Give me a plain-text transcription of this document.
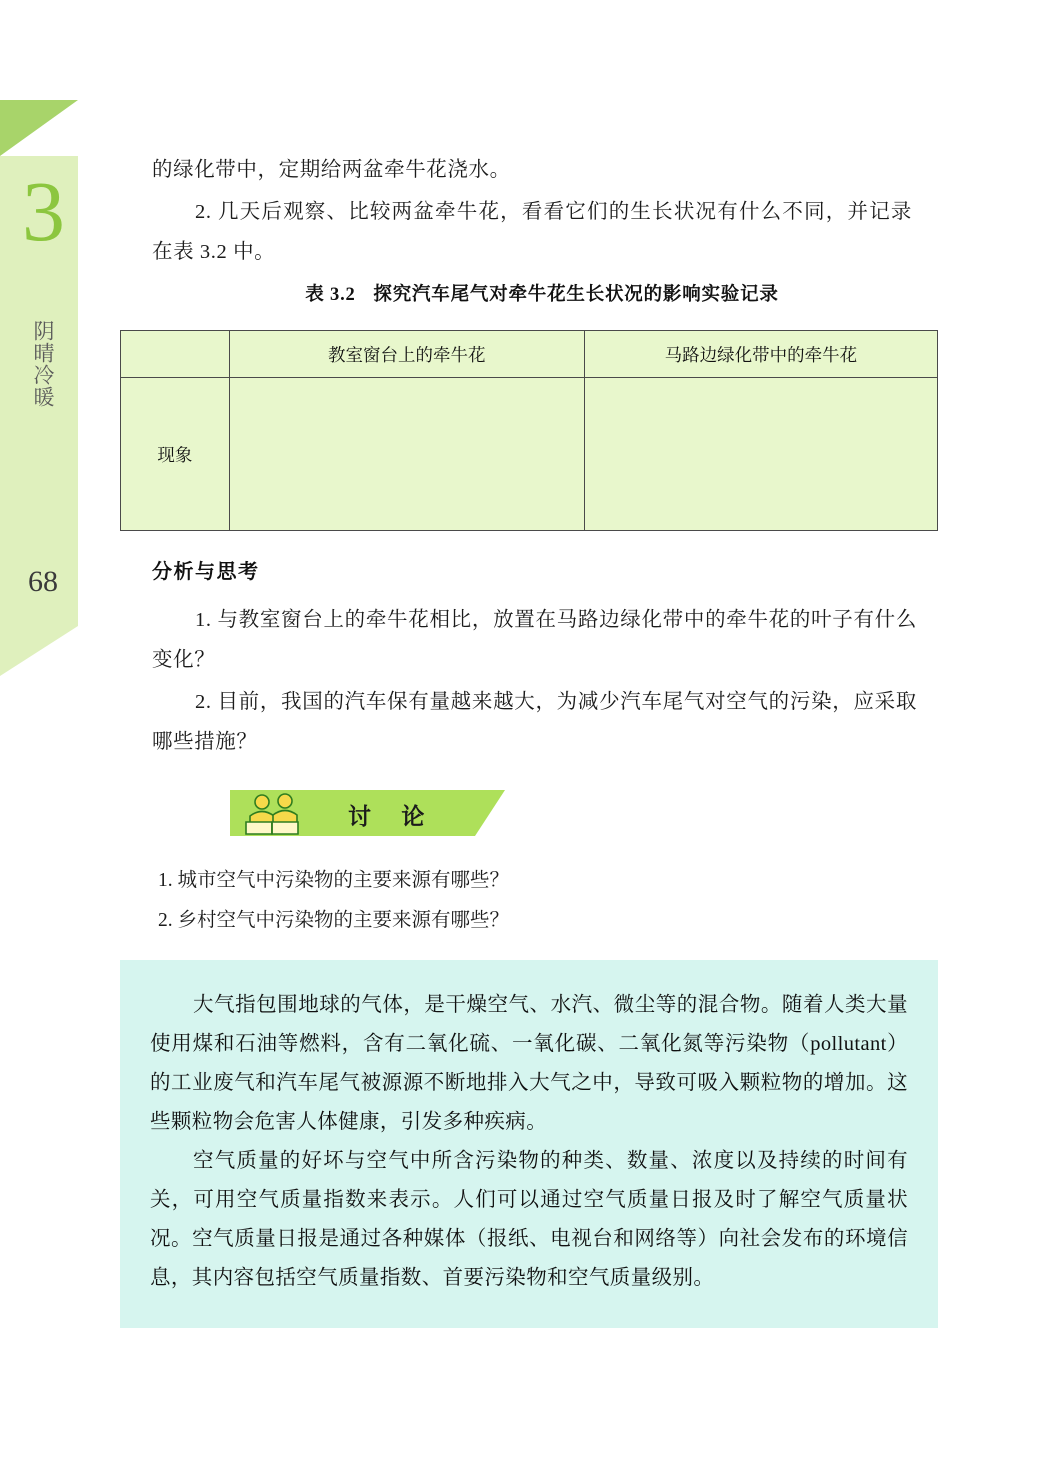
3
阴晴冷暖
68

的绿化带中，定期给两盆牵牛花浇水。

2. 几天后观察、比较两盆牵牛花，看看它们的生长状况有什么不同，并记录在表 3.2 中。

表 3.2 探究汽车尾气对牵牛花生长状况的影响实验记录
	教室窗台上的牵牛花	马路边绿化带中的牵牛花
现象		
分析与思考

1. 与教室窗台上的牵牛花相比，放置在马路边绿化带中的牵牛花的叶子有什么变化？

2. 目前，我国的汽车保有量越来越大，为减少汽车尾气对空气的污染，应采取哪些措施？

讨 论
1. 城市空气中污染物的主要来源有哪些？
2. 乡村空气中污染物的主要来源有哪些？

大气指包围地球的气体，是干燥空气、水汽、微尘等的混合物。随着人类大量使用煤和石油等燃料，含有二氧化硫、一氧化碳、二氧化氮等污染物（pollutant）的工业废气和汽车尾气被源源不断地排入大气之中，导致可吸入颗粒物的增加。这些颗粒物会危害人体健康，引发多种疾病。

空气质量的好坏与空气中所含污染物的种类、数量、浓度以及持续的时间有关，可用空气质量指数来表示。人们可以通过空气质量日报及时了解空气质量状况。空气质量日报是通过各种媒体（报纸、电视台和网络等）向社会发布的环境信息，其内容包括空气质量指数、首要污染物和空气质量级别。
